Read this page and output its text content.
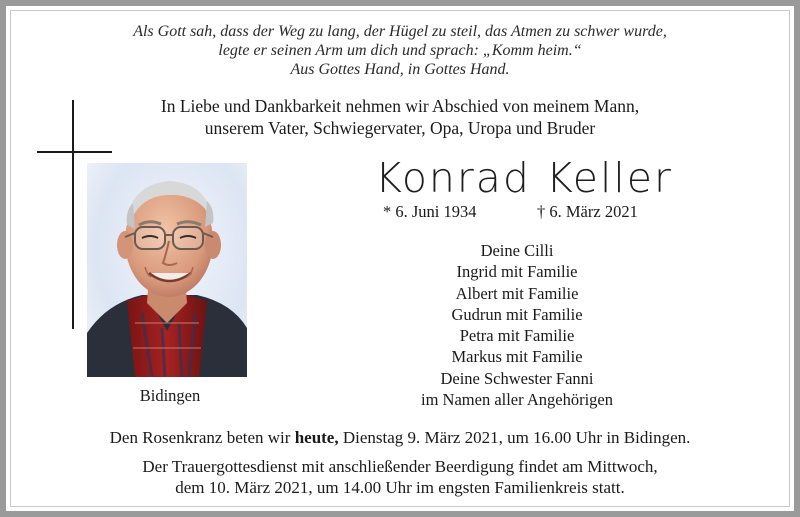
Als Gott sah, dass der Weg zu lang, der Hügel zu steil, das Atmen zu schwer wurde,
legte er seinen Arm um dich und sprach: „Komm heim.“
Aus Gottes Hand, in Gottes Hand.
In Liebe und Dankbarkeit nehmen wir Abschied von meinem Mann,
unserem Vater, Schwiegervater, Opa, Uropa und Bruder
Bidingen
Konrad Keller
* 6. Juni 1934	† 6. März 2021
Deine Cilli
Ingrid mit Familie
Albert mit Familie
Gudrun mit Familie
Petra mit Familie
Markus mit Familie
Deine Schwester Fanni
im Namen aller Angehörigen
Den Rosenkranz beten wir heute, Dienstag 9. März 2021, um 16.00 Uhr in Bidingen.
Der Trauergottesdienst mit anschließender Beerdigung findet am Mittwoch,
dem 10. März 2021, um 14.00 Uhr im engsten Familienkreis statt.
